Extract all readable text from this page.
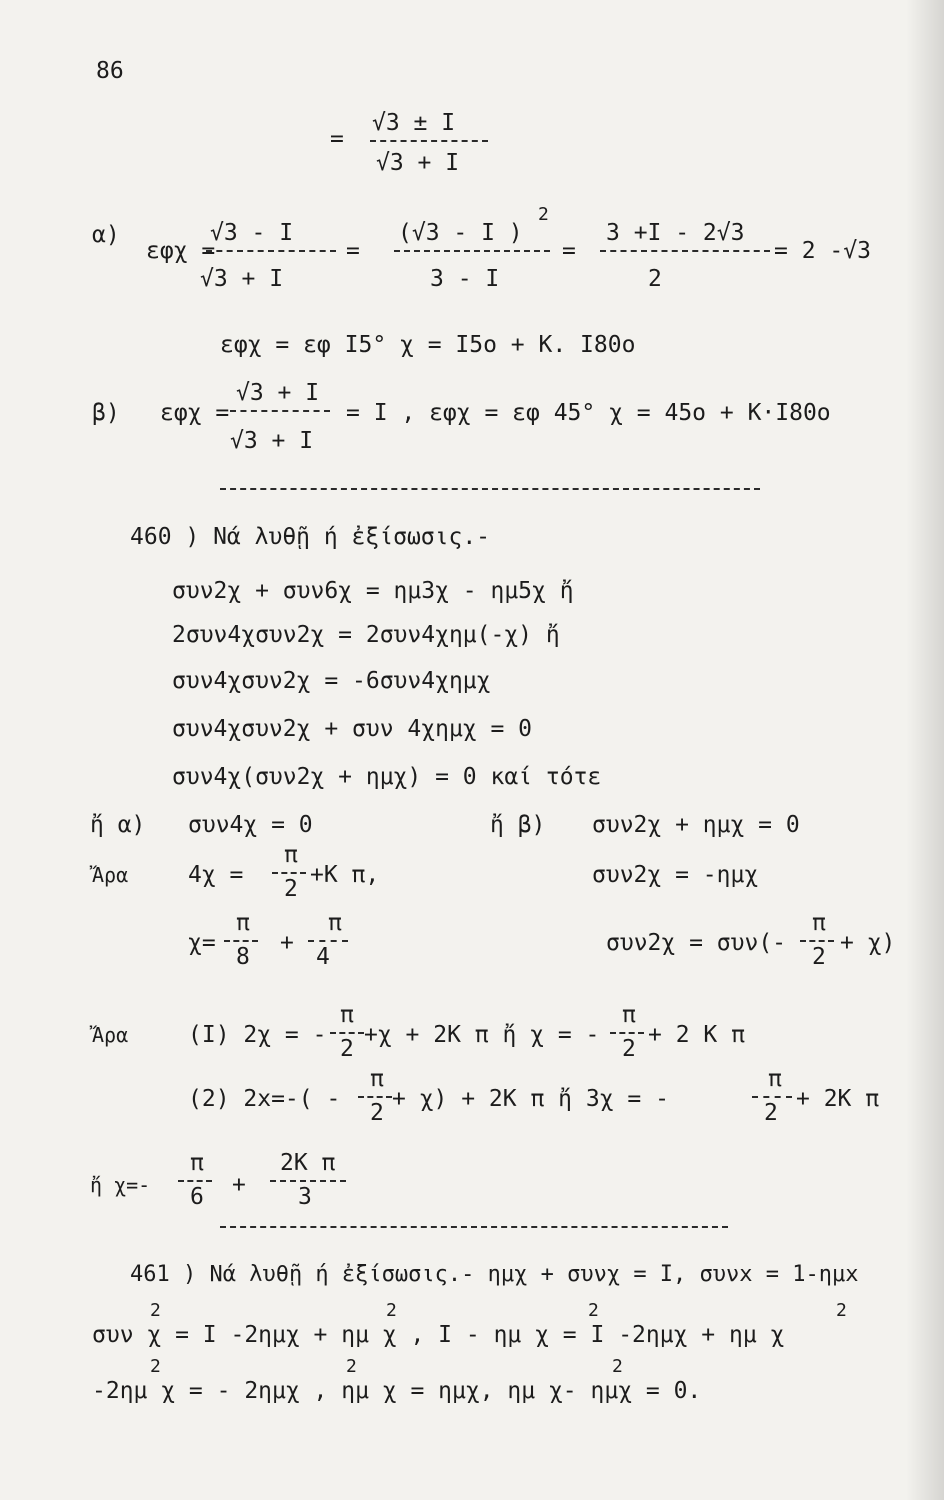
86
=
√3 ± I
√3 + I
α)
εφχ =
√3 - I
√3 + I
=
(√3 - I )
2
3 - I
=
3 +I - 2√3
2
= 2 -√3
εφχ = εφ I5° χ = I5o + Κ. I80o
β) εφχ =
√3 + I
√3 + I
= I , εφχ = εφ 45° χ = 45o + Κ·I80o
460 ) Νά λυθῇ ή ἐξίσωσις.-
συν2χ + συν6χ = ημ3χ - ημ5χ ἤ
2συν4χσυν2χ = 2συν4χημ(-χ) ἤ
συν4χσυν2χ = -6συν4χημχ
συν4χσυν2χ + συν 4χημχ = 0
συν4χ(συν2χ + ημχ) = 0 καί τότε
ἤ α) συν4χ = 0	ἤ β) συν2χ + ημχ = 0
Ἄρα	4χ =
π
2
+Κ π,	συν2χ = -ημχ
χ=
π
8
+
π
4
συν2χ = συν(-
π
2
+ χ)
Ἄρα	(I) 2χ = -
π
2
+χ + 2Κ π ἤ χ = -
π
2
+ 2 Κ π
(2) 2x=-( -
π
2
+ χ) + 2Κ π ἤ 3χ = -
π
2
+ 2Κ π
ἤ χ=-
π
6 +
2Κ π
3
461 ) Νά λυθῇ ή ἐξίσωσις.- ημχ + συνχ = I, συνx = 1-ημx
συν χ = I -2ημχ + ημ χ , I - ημ χ = I -2ημχ + ημ χ
2	2	2	2
-2ημ χ = - 2ημχ , ημ χ = ημχ, ημ χ- ημχ = 0.
2	2	2
